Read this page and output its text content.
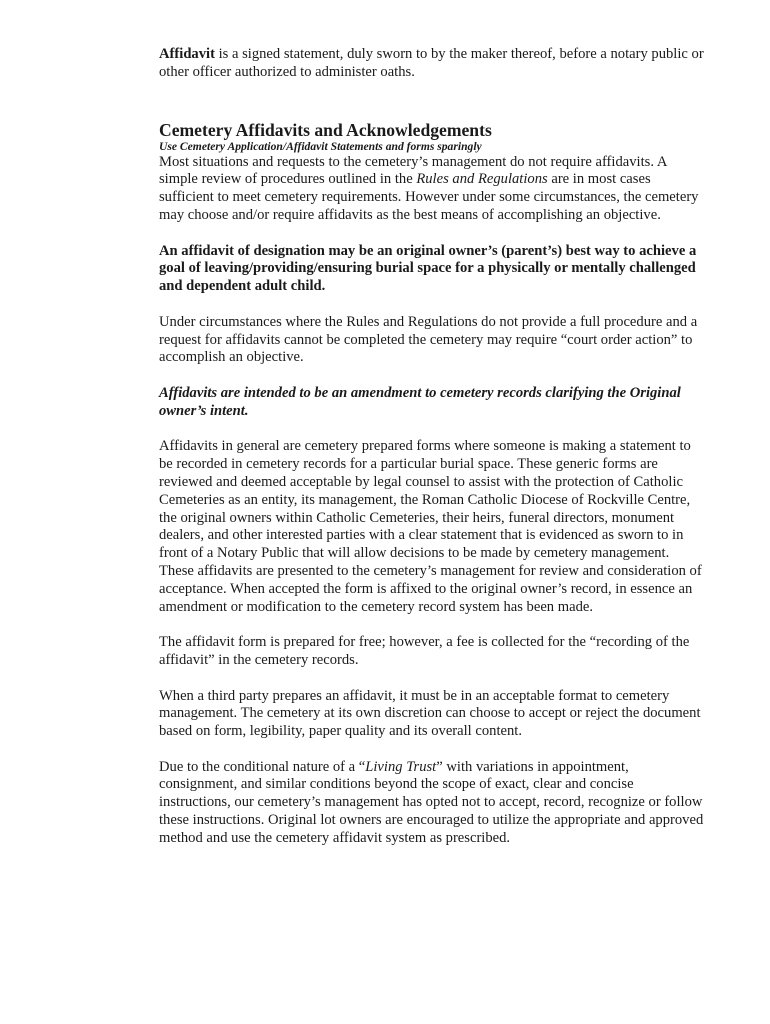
Affidavit is a signed statement, duly sworn to by the maker thereof, before a notary public or other officer authorized to administer oaths.

Cemetery Affidavits and Acknowledgements
Use Cemetery Application/Affidavit Statements and forms sparingly

Most situations and requests to the cemetery’s management do not require affidavits. A simple review of procedures outlined in the Rules and Regulations are in most cases sufficient to meet cemetery requirements. However under some circumstances, the cemetery may choose and/or require affidavits as the best means of accomplishing an objective.

An affidavit of designation may be an original owner’s (parent’s) best way to achieve a goal of leaving/providing/ensuring burial space for a physically or mentally challenged and dependent adult child.

Under circumstances where the Rules and Regulations do not provide a full procedure and a request for affidavits cannot be completed the cemetery may require “court order action” to accomplish an objective.

Affidavits are intended to be an amendment to cemetery records clarifying the Original owner’s intent.

Affidavits in general are cemetery prepared forms where someone is making a statement to be recorded in cemetery records for a particular burial space. These generic forms are reviewed and deemed acceptable by legal counsel to assist with the protection of Catholic Cemeteries as an entity, its management, the Roman Catholic Diocese of Rockville Centre, the original owners within Catholic Cemeteries, their heirs, funeral directors, monument dealers, and other interested parties with a clear statement that is evidenced as sworn to in front of a Notary Public that will allow decisions to be made by cemetery management. These affidavits are presented to the cemetery’s management for review and consideration of acceptance. When accepted the form is affixed to the original owner’s record, in essence an amendment or modification to the cemetery record system has been made.

The affidavit form is prepared for free; however, a fee is collected for the “recording of the affidavit” in the cemetery records.

When a third party prepares an affidavit, it must be in an acceptable format to cemetery management. The cemetery at its own discretion can choose to accept or reject the document based on form, legibility, paper quality and its overall content.

Due to the conditional nature of a “Living Trust” with variations in appointment, consignment, and similar conditions beyond the scope of exact, clear and concise instructions, our cemetery’s management has opted not to accept, record, recognize or follow these instructions. Original lot owners are encouraged to utilize the appropriate and approved method and use the cemetery affidavit system as prescribed.
